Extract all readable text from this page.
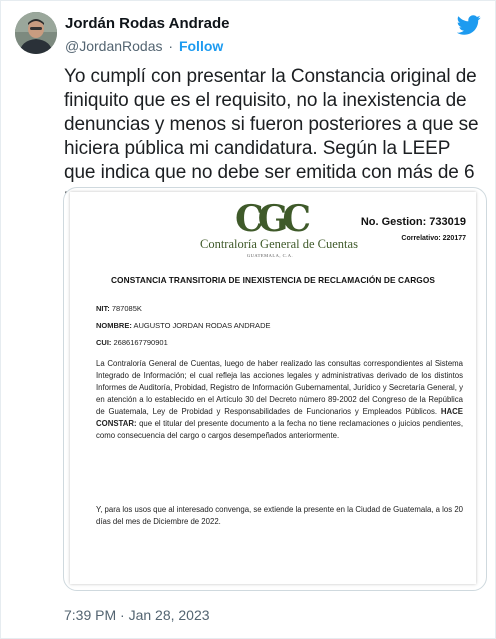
Jordán Rodas Andrade
@JordanRodas · Follow
Yo cumplí con presentar la Constancia original de finiquito que es el requisito, no la inexistencia de denuncias y menos si fueron posteriores a que se hiciera pública mi candidatura. Según la LEEP que indica que no debe ser emitida con más de 6
CGC
Contraloría General de Cuentas
GUATEMALA, C.A.
No. Gestion: 733019
Correlativo: 220177
CONSTANCIA TRANSITORIA DE INEXISTENCIA DE RECLAMACIÓN DE CARGOS
NIT: 787085K
NOMBRE: AUGUSTO JORDAN RODAS ANDRADE
CUI: 2686167790901
La Contraloría General de Cuentas, luego de haber realizado las consultas correspondientes al Sistema Integrado de Información; el cual refleja las acciones legales y administrativas derivado de los distintos Informes de Auditoría, Probidad, Registro de Información Gubernamental, Jurídico y Secretaría General, y en atención a lo establecido en el Artículo 30 del Decreto número 89-2002 del Congreso de la República de Guatemala, Ley de Probidad y Responsabilidades de Funcionarios y Empleados Públicos. HACE CONSTAR: que el titular del presente documento a la fecha no tiene reclamaciones o juicios pendientes, como consecuencia del cargo o cargos desempeñados anteriormente.
Y, para los usos que al interesado convenga, se extiende la presente en la Ciudad de Guatemala, a los 20 días del mes de Diciembre de 2022.
7:39 PM · Jan 28, 2023
